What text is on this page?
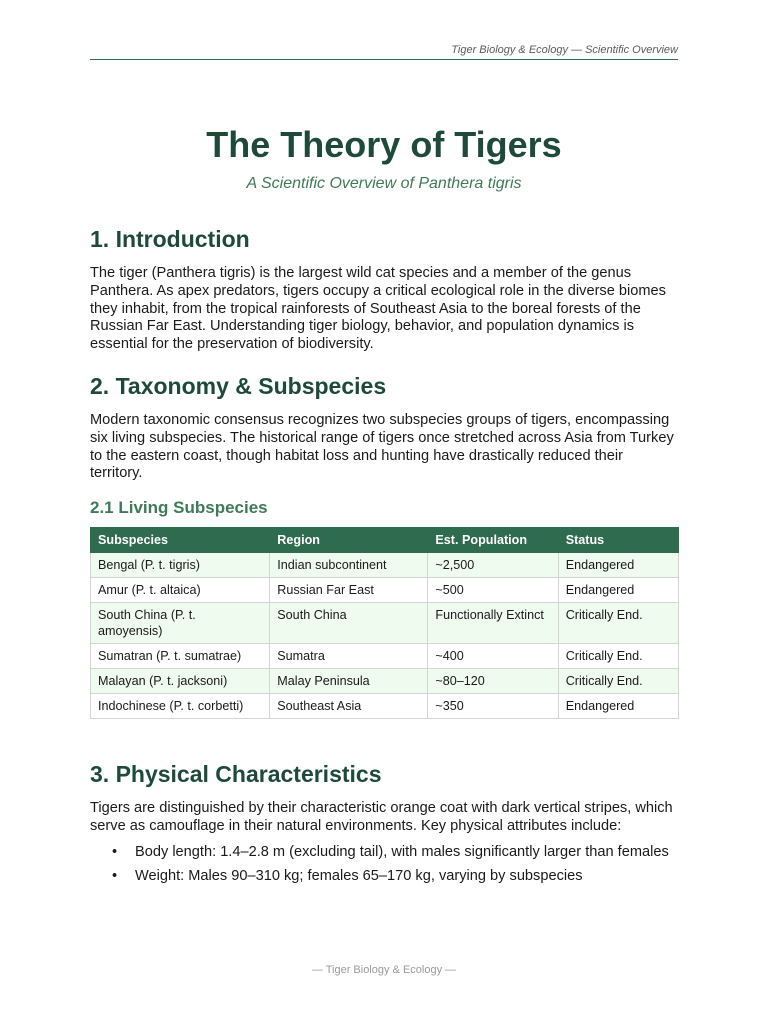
Tiger Biology & Ecology — Scientific Overview
The Theory of Tigers
A Scientific Overview of Panthera tigris
1. Introduction

The tiger (Panthera tigris) is the largest wild cat species and a member of the genus Panthera. As apex predators, tigers occupy a critical ecological role in the diverse biomes they inhabit, from the tropical rainforests of Southeast Asia to the boreal forests of the Russian Far East. Understanding tiger biology, behavior, and population dynamics is essential for the preservation of biodiversity.

2. Taxonomy & Subspecies

Modern taxonomic consensus recognizes two subspecies groups of tigers, encompassing six living subspecies. The historical range of tigers once stretched across Asia from Turkey to the eastern coast, though habitat loss and hunting have drastically reduced their territory.

2.1 Living Subspecies
Subspecies	Region	Est. Population	Status
Bengal (P. t. tigris)	Indian subcontinent	~2,500	Endangered
Amur (P. t. altaica)	Russian Far East	~500	Endangered
South China (P. t. amoyensis)	South China	Functionally Extinct	Critically End.
Sumatran (P. t. sumatrae)	Sumatra	~400	Critically End.
Malayan (P. t. jacksoni)	Malay Peninsula	~80–120	Critically End.
Indochinese (P. t. corbetti)	Southeast Asia	~350	Endangered
3. Physical Characteristics

Tigers are distinguished by their characteristic orange coat with dark vertical stripes, which serve as camouflage in their natural environments. Key physical attributes include:

• Body length: 1.4–2.8 m (excluding tail), with males significantly larger than females
• Weight: Males 90–310 kg; females 65–170 kg, varying by subspecies
— Tiger Biology & Ecology —
